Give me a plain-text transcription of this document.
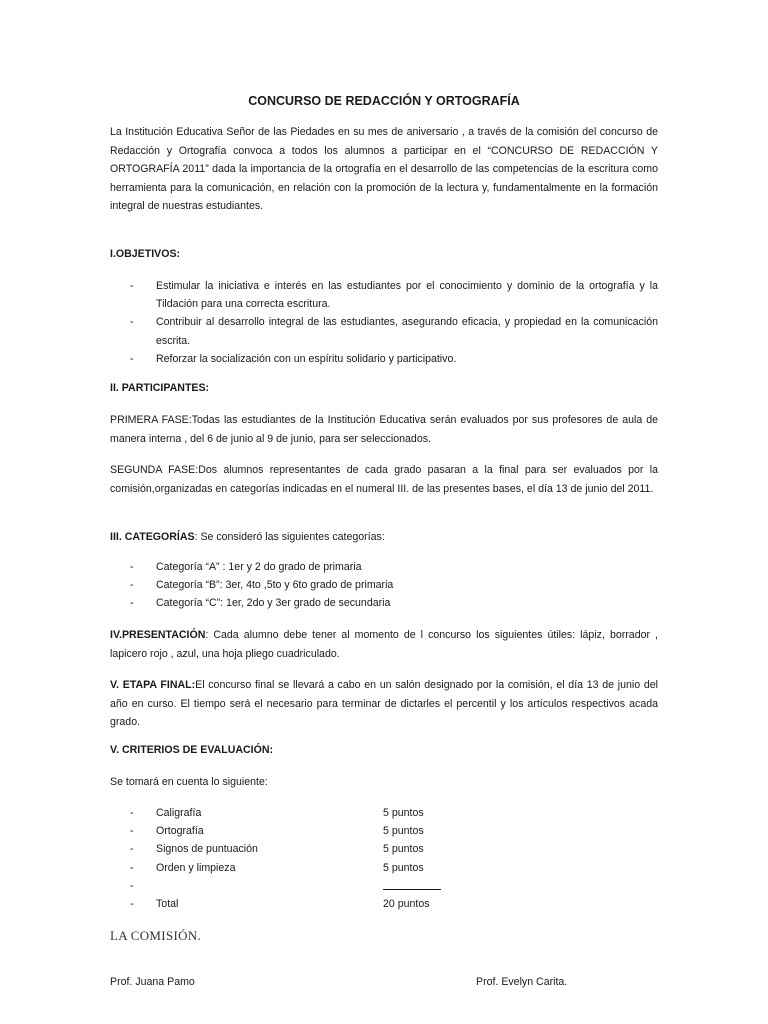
CONCURSO DE REDACCIÓN Y ORTOGRAFÍA

La Institución Educativa Señor de las Piedades en su mes de aniversario , a través de la comisión del concurso de Redacción y Ortografía convoca a todos los alumnos a participar en el “CONCURSO DE REDACCIÓN Y ORTOGRAFÍA 2011” dada la importancia de la ortografía en el desarrollo de las competencias de la escritura como herramienta para la comunicación, en relación con la promoción de la lectura y, fundamentalmente en la formación integral de nuestras estudiantes.

I.OBJETIVOS:

- Estimular la iniciativa e interés en las estudiantes por el conocimiento y dominio de la ortografía y la Tildación para una correcta escritura.
- Contribuir al desarrollo integral de las estudiantes, asegurando eficacia, y propiedad en la comunicación escrita.
- Reforzar la socialización con un espíritu solidario y participativo.

II. PARTICIPANTES:

PRIMERA FASE:Todas las estudiantes de la Institución Educativa serán evaluados por sus profesores de aula de manera interna , del 6 de junio al 9 de junio, para ser seleccionados.

SEGUNDA FASE:Dos alumnos representantes de cada grado pasaran a la final para ser evaluados por la comisión,organizadas en categorías indicadas en el numeral III. de las presentes bases, el día 13 de junio del 2011.

III. CATEGORÍAS: Se consideró las siguientes categorías:

- Categoría “A” : 1er y 2 do grado de primaria
- Categoría “B”: 3er, 4to ,5to y 6to grado de primaria
- Categoría “C”: 1er, 2do y 3er grado de secundaria

IV.PRESENTACIÓN: Cada alumno debe tener al momento de l concurso los siguientes útiles: lápiz, borrador , lapicero rojo , azul, una hoja pliego cuadriculado.

V. ETAPA FINAL:El concurso final se llevará a cabo en un salón designado por la comisión, el día 13 de junio del año en curso. El tiempo será el necesario para terminar de dictarles el percentil y los artículos respectivos acada grado.

V. CRITERIOS DE EVALUACIÓN:

Se tomará en cuenta lo siguiente:

- Caligrafía	5 puntos
- Ortografía	5 puntos
- Signos de puntuación	5 puntos
- Orden y limpieza	5 puntos
-
- Total	20 puntos

LA COMISIÓN.

Prof. Juana Pamo	Prof. Evelyn Carita.
